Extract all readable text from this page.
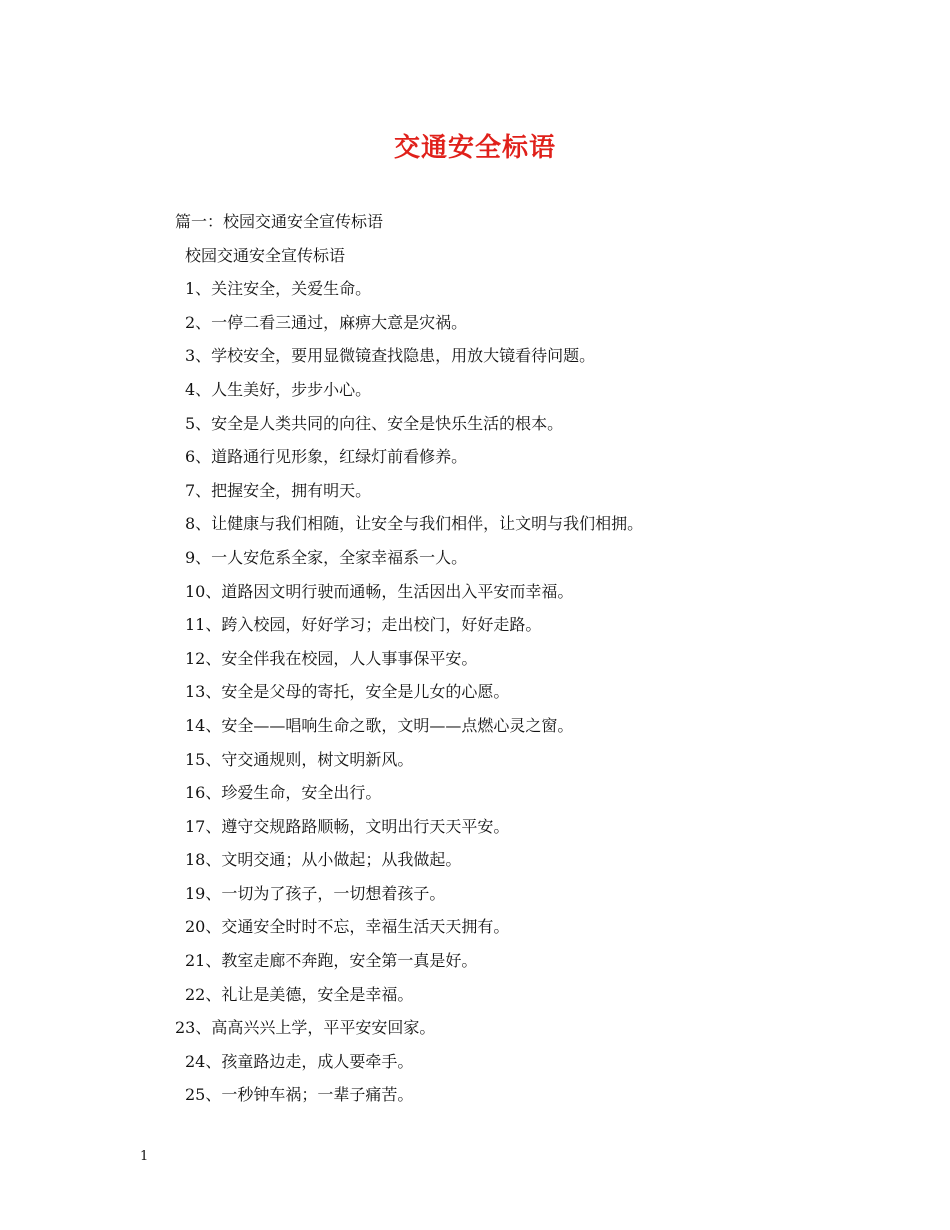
交通安全标语
篇一：校园交通安全宣传标语
校园交通安全宣传标语
1、关注安全，关爱生命。
2、一停二看三通过，麻痹大意是灾祸。
3、学校安全，要用显微镜查找隐患，用放大镜看待问题。
4、人生美好，步步小心。
5、安全是人类共同的向往、安全是快乐生活的根本。
6、道路通行见形象，红绿灯前看修养。
7、把握安全，拥有明天。
8、让健康与我们相随，让安全与我们相伴，让文明与我们相拥。
9、一人安危系全家，全家幸福系一人。
10、道路因文明行驶而通畅，生活因出入平安而幸福。
11、跨入校园，好好学习；走出校门，好好走路。
12、安全伴我在校园，人人事事保平安。
13、安全是父母的寄托，安全是儿女的心愿。
14、安全——唱响生命之歌，文明——点燃心灵之窗。
15、守交通规则，树文明新风。
16、珍爱生命，安全出行。
17、遵守交规路路顺畅，文明出行天天平安。
18、文明交通；从小做起；从我做起。
19、一切为了孩子，一切想着孩子。
20、交通安全时时不忘，幸福生活天天拥有。
21、教室走廊不奔跑，安全第一真是好。
22、礼让是美德，安全是幸福。
23、高高兴兴上学，平平安安回家。
24、孩童路边走，成人要牵手。
25、一秒钟车祸；一辈子痛苦。
1
